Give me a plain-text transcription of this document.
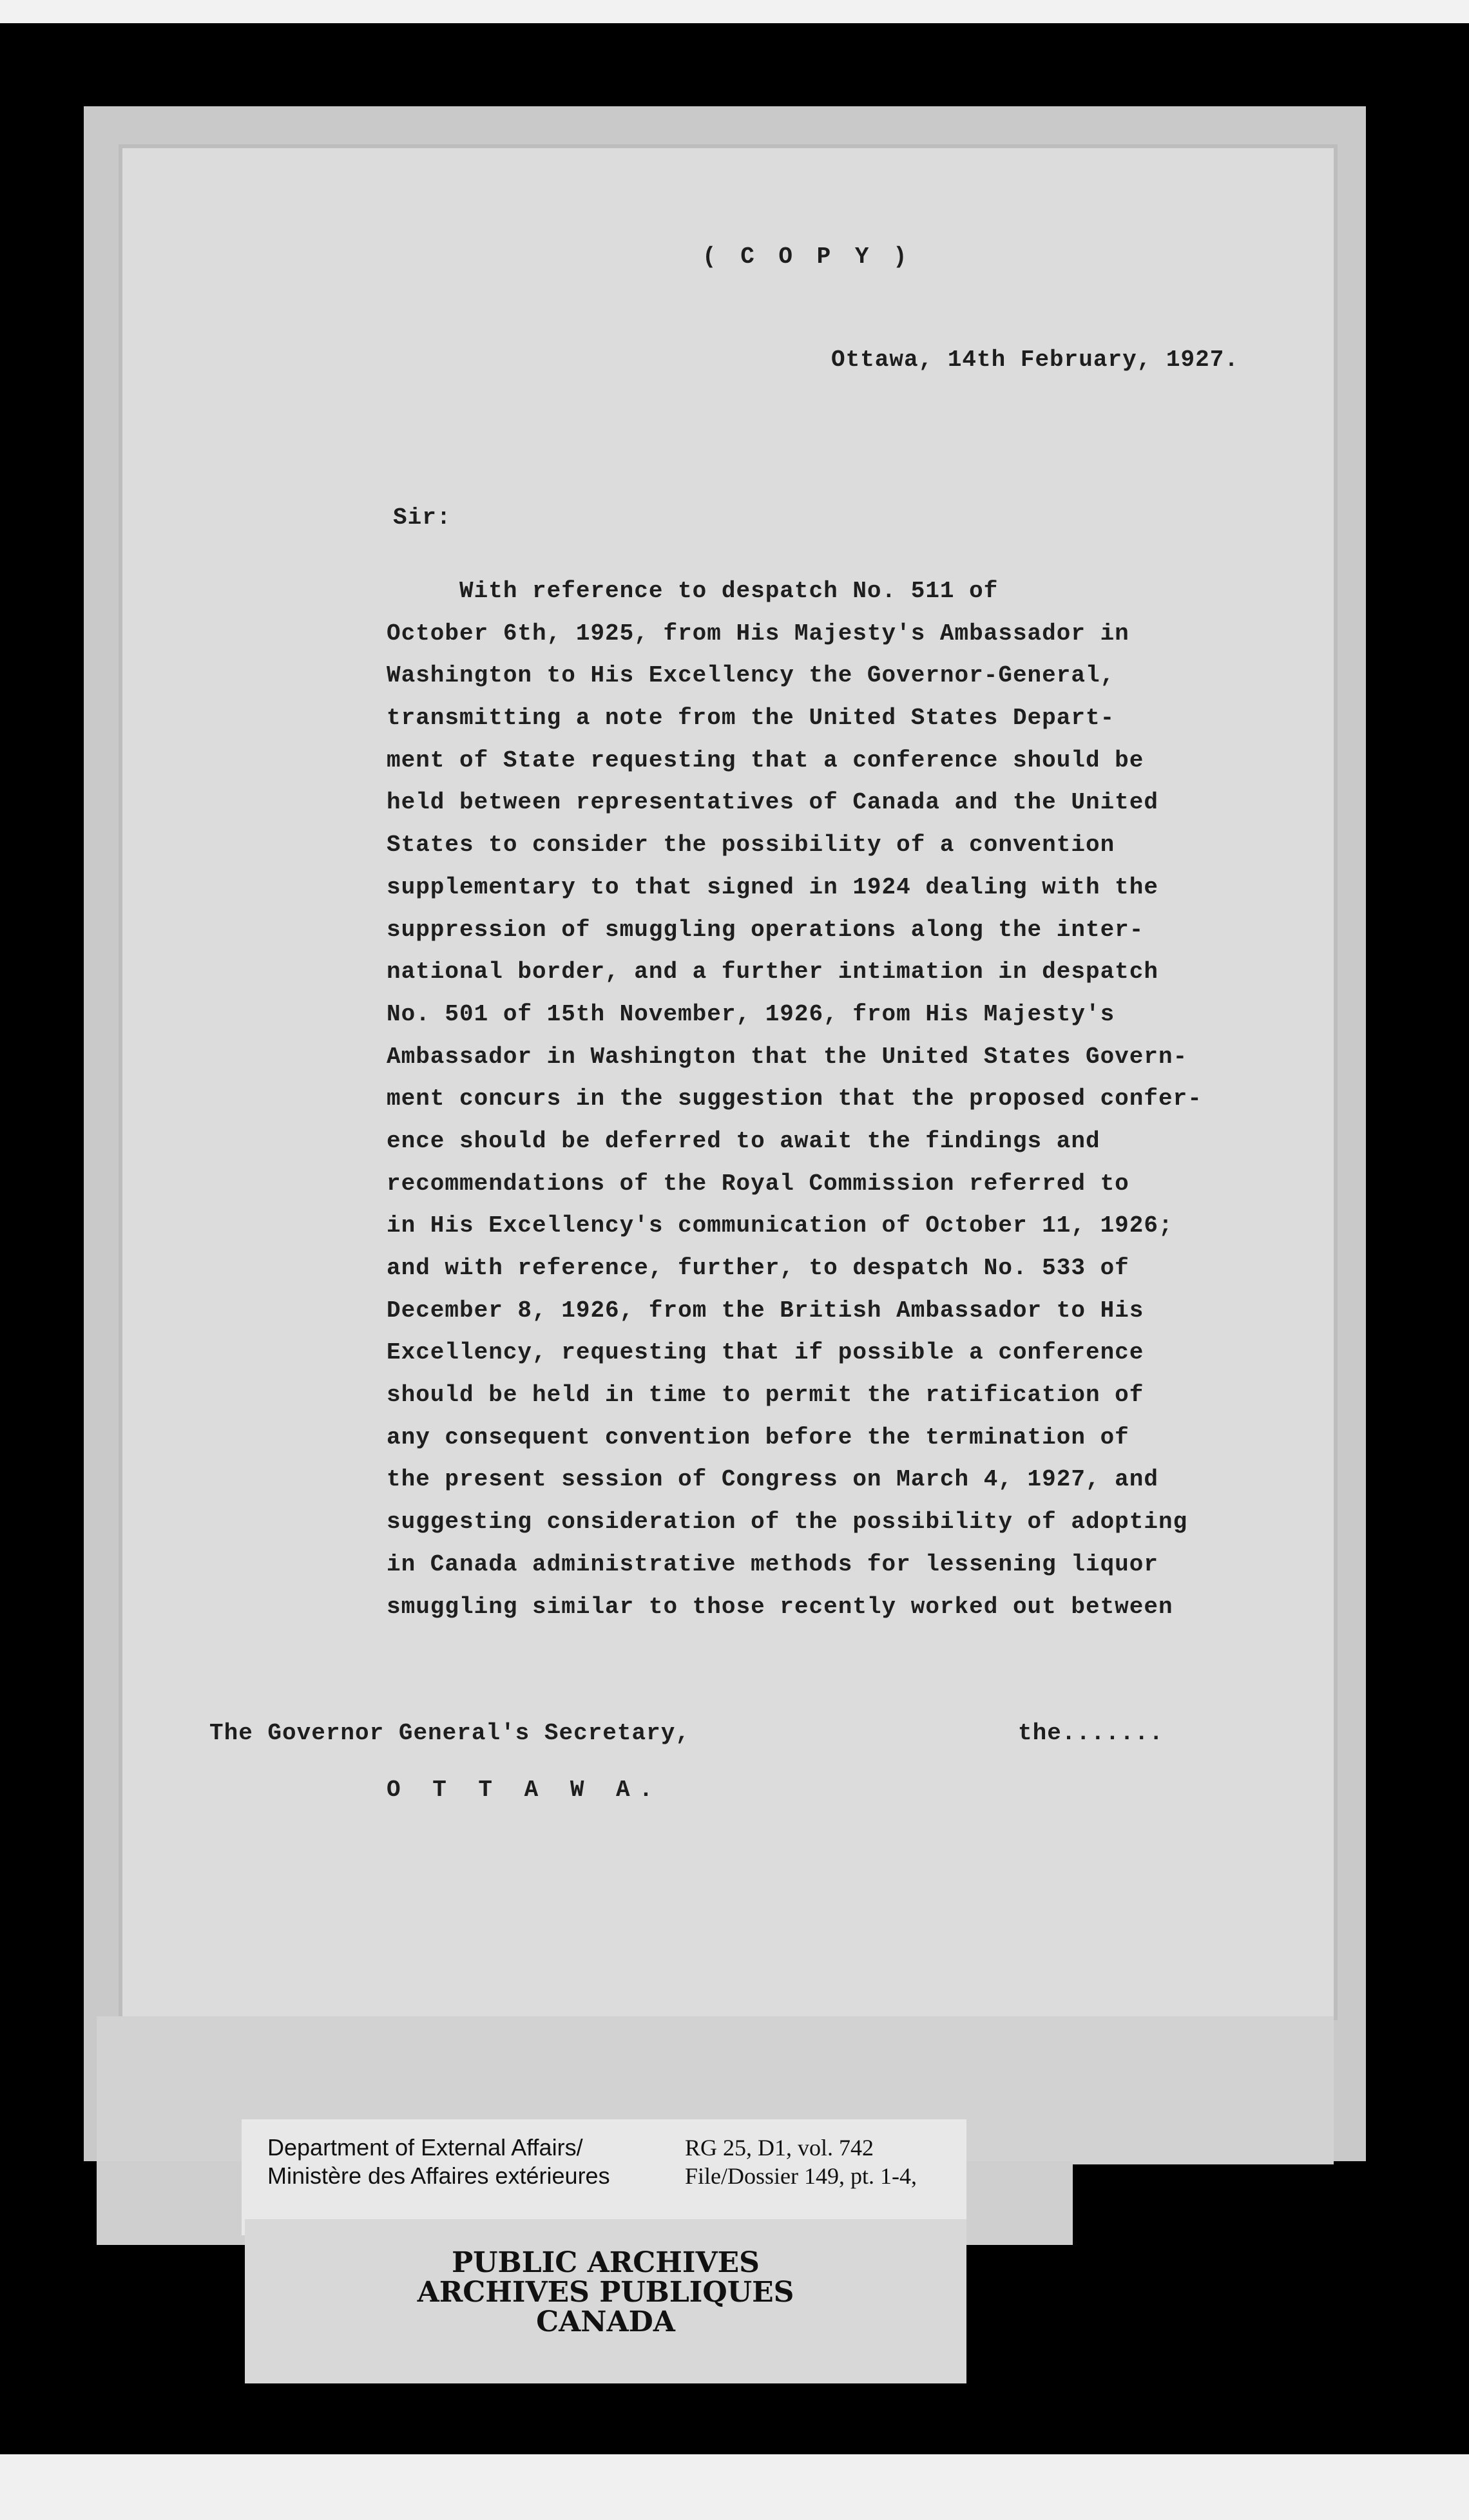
( C O P Y )
Ottawa, 14th February, 1927.
Sir:
With reference to despatch No. 511 of
October 6th, 1925, from His Majesty's Ambassador in
Washington to His Excellency the Governor-General,
transmitting a note from the United States Depart-
ment of State requesting that a conference should be
held between representatives of Canada and the United
States to consider the possibility of a convention
supplementary to that signed in 1924 dealing with the
suppression of smuggling operations along the inter-
national border, and a further intimation in despatch
No. 501 of 15th November, 1926, from His Majesty's
Ambassador in Washington that the United States Govern-
ment concurs in the suggestion that the proposed confer-
ence should be deferred to await the findings and
recommendations of the Royal Commission referred to
in His Excellency's communication of October 11, 1926;
and with reference, further, to despatch No. 533 of
December 8, 1926, from the British Ambassador to His
Excellency, requesting that if possible a conference
should be held in time to permit the ratification of
any consequent convention before the termination of
the present session of Congress on March 4, 1927, and
suggesting consideration of the possibility of adopting
in Canada administrative methods for lessening liquor
smuggling similar to those recently worked out between
The Governor General's Secretary,	the.......
O T T A W A.
Department of External Affairs/
Ministère des Affaires extérieures
RG 25, D1, vol. 742
File/Dossier 149, pt. 1-4,
PUBLIC ARCHIVES
ARCHIVES PUBLIQUES
CANADA
